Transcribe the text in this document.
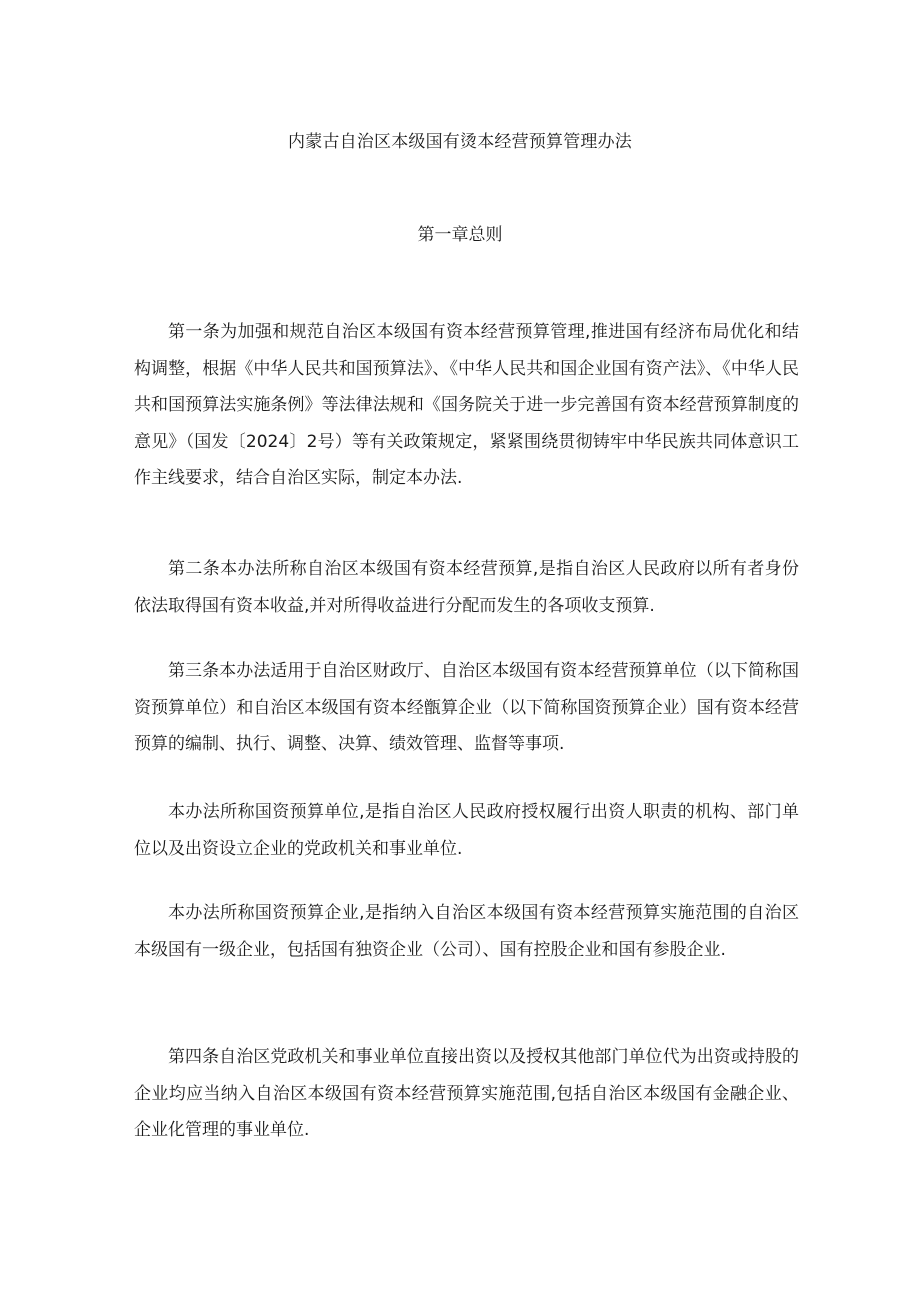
内蒙古自治区本级国有烫本经营预算管理办法
第一章总则

第一条为加强和规范自治区本级国有资本经营预算管理,推进国有经济布局优化和结构调整，根据《中华人民共和国预算法》、《中华人民共和国企业国有资产法》、《中华人民共和国预算法实施条例》等法律法规和《国务院关于进一步完善国有资本经营预算制度的意见》（国发〔2024〕2号）等有关政策规定，紧紧围绕贯彻铸牢中华民族共同体意识工作主线要求，结合自治区实际，制定本办法.

第二条本办法所称自治区本级国有资本经营预算,是指自治区人民政府以所有者身份依法取得国有资本收益,并对所得收益进行分配而发生的各项收支预算.

第三条本办法适用于自治区财政厅、自治区本级国有资本经营预算单位（以下简称国资预算单位）和自治区本级国有资本经甑算企业（以下简称国资预算企业）国有资本经营预算的编制、执行、调整、决算、绩效管理、监督等事项.

本办法所称国资预算单位,是指自治区人民政府授权履行出资人职责的机构、部门单位以及出资设立企业的党政机关和事业单位.

本办法所称国资预算企业,是指纳入自治区本级国有资本经营预算实施范围的自治区本级国有一级企业，包括国有独资企业（公司）、国有控股企业和国有参股企业.

第四条自治区党政机关和事业单位直接出资以及授权其他部门单位代为出资或持股的企业均应当纳入自治区本级国有资本经营预算实施范围,包括自治区本级国有金融企业、企业化管理的事业单位.
